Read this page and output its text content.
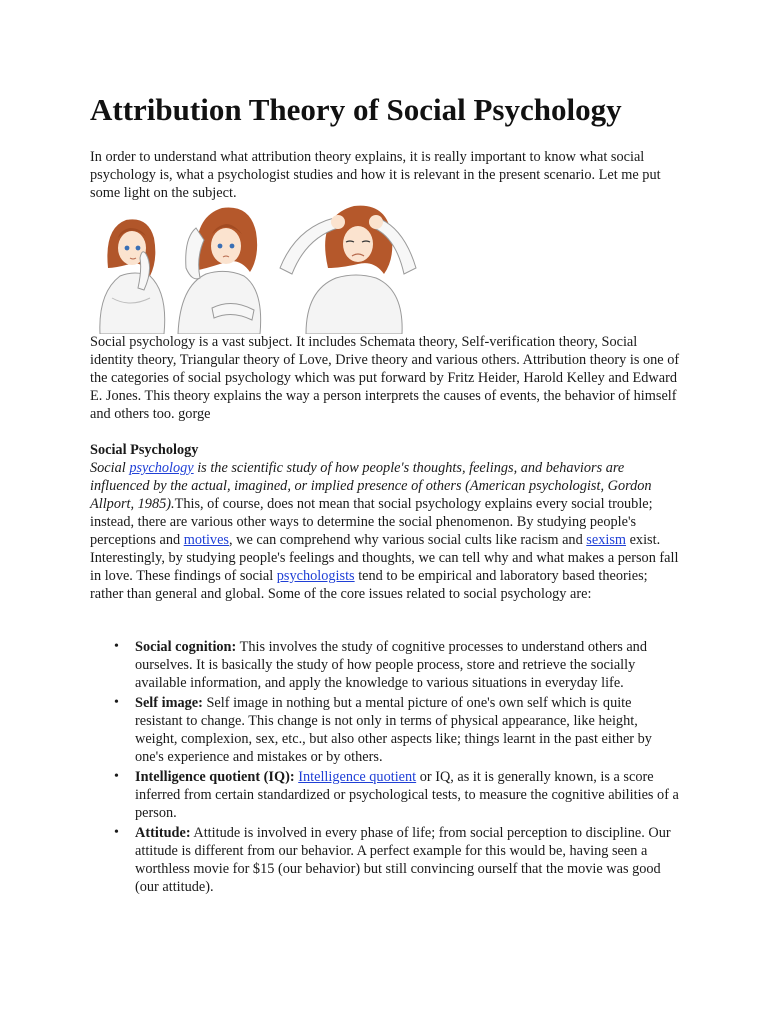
Attribution Theory of Social Psychology

In order to understand what attribution theory explains, it is really important to know what social psychology is, what a psychologist studies and how it is relevant in the present scenario. Let me put some light on the subject.

Social psychology is a vast subject. It includes Schemata theory, Self-verification theory, Social identity theory, Triangular theory of Love, Drive theory and various others. Attribution theory is one of the categories of social psychology which was put forward by Fritz Heider, Harold Kelley and Edward E. Jones. This theory explains the way a person interprets the causes of events, the behavior of himself and others too. gorge

Social Psychology

Social psychology is the scientific study of how people's thoughts, feelings, and behaviors are influenced by the actual, imagined, or implied presence of others (American psychologist, Gordon Allport, 1985).This, of course, does not mean that social psychology explains every social trouble; instead, there are various other ways to determine the social phenomenon. By studying people's perceptions and motives, we can comprehend why various social cults like racism and sexism exist. Interestingly, by studying people's feelings and thoughts, we can tell why and what makes a person fall in love. These findings of social psychologists tend to be empirical and laboratory based theories; rather than general and global. Some of the core issues related to social psychology are:

• Social cognition: This involves the study of cognitive processes to understand others and ourselves. It is basically the study of how people process, store and retrieve the socially available information, and apply the knowledge to various situations in everyday life.
• Self image: Self image in nothing but a mental picture of one's own self which is quite resistant to change. This change is not only in terms of physical appearance, like height, weight, complexion, sex, etc., but also other aspects like; things learnt in the past either by one's experience and mistakes or by others.
• Intelligence quotient (IQ): Intelligence quotient or IQ, as it is generally known, is a score inferred from certain standardized or psychological tests, to measure the cognitive abilities of a person.
• Attitude: Attitude is involved in every phase of life; from social perception to discipline. Our attitude is different from our behavior. A perfect example for this would be, having seen a worthless movie for $15 (our behavior) but still convincing ourself that the movie was good (our attitude).
